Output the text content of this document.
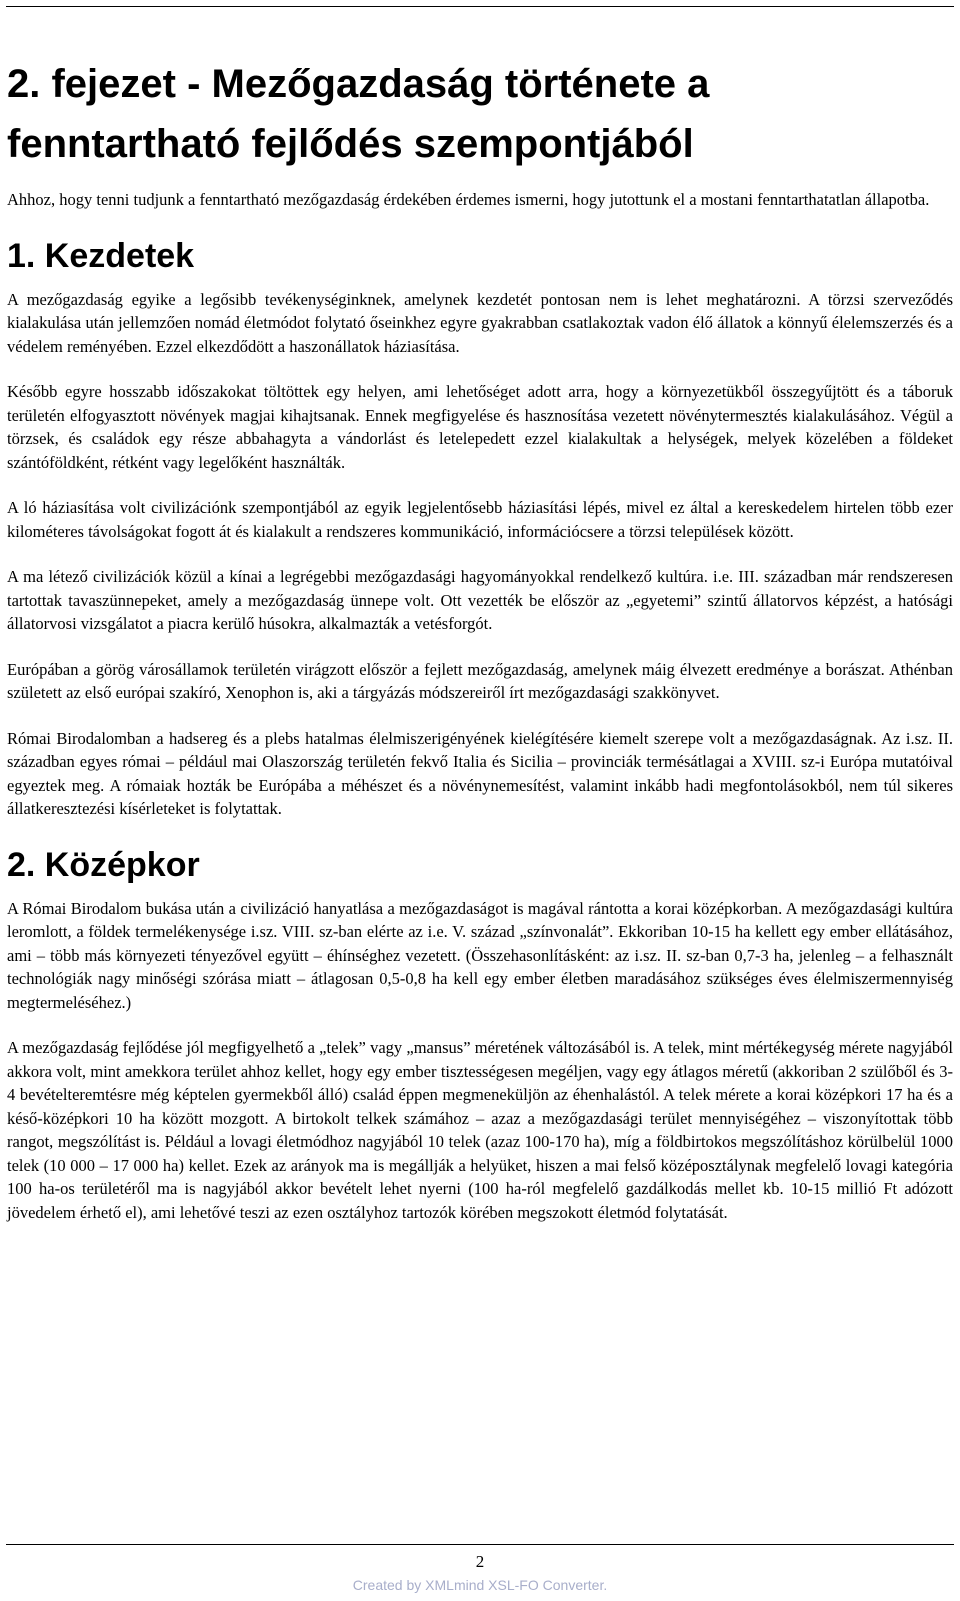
2. fejezet - Mezőgazdaság története a fenntartható fejlődés szempontjából

Ahhoz, hogy tenni tudjunk a fenntartható mezőgazdaság érdekében érdemes ismerni, hogy jutottunk el a mostani fenntarthatatlan állapotba.

1. Kezdetek

A mezőgazdaság egyike a legősibb tevékenységinknek, amelynek kezdetét pontosan nem is lehet meghatározni. A törzsi szerveződés kialakulása után jellemzően nomád életmódot folytató őseinkhez egyre gyakrabban csatlakoztak vadon élő állatok a könnyű élelemszerzés és a védelem reményében. Ezzel elkezdődött a haszonállatok háziasítása.

Később egyre hosszabb időszakokat töltöttek egy helyen, ami lehetőséget adott arra, hogy a környezetükből összegyűjtött és a táboruk területén elfogyasztott növények magjai kihajtsanak. Ennek megfigyelése és hasznosítása vezetett növénytermesztés kialakulásához. Végül a törzsek, és családok egy része abbahagyta a vándorlást és letelepedett ezzel kialakultak a helységek, melyek közelében a földeket szántóföldként, rétként vagy legelőként használták.

A ló háziasítása volt civilizációnk szempontjából az egyik legjelentősebb háziasítási lépés, mivel ez által a kereskedelem hirtelen több ezer kilométeres távolságokat fogott át és kialakult a rendszeres kommunikáció, információcsere a törzsi települések között.

A ma létező civilizációk közül a kínai a legrégebbi mezőgazdasági hagyományokkal rendelkező kultúra. i.e. III. században már rendszeresen tartottak tavaszünnepeket, amely a mezőgazdaság ünnepe volt. Ott vezették be először az „egyetemi” szintű állatorvos képzést, a hatósági állatorvosi vizsgálatot a piacra kerülő húsokra, alkalmazták a vetésforgót.

Európában a görög városállamok területén virágzott először a fejlett mezőgazdaság, amelynek máig élvezett eredménye a borászat. Athénban született az első európai szakíró, Xenophon is, aki a tárgyázás módszereiről írt mezőgazdasági szakkönyvet.

Római Birodalomban a hadsereg és a plebs hatalmas élelmiszerigényének kielégítésére kiemelt szerepe volt a mezőgazdaságnak. Az i.sz. II. században egyes római – például mai Olaszország területén fekvő Italia és Sicilia – provinciák termésátlagai a XVIII. sz-i Európa mutatóival egyeztek meg. A rómaiak hozták be Európába a méhészet és a növénynemesítést, valamint inkább hadi megfontolásokból, nem túl sikeres állatkeresztezési kísérleteket is folytattak.

2. Középkor

A Római Birodalom bukása után a civilizáció hanyatlása a mezőgazdaságot is magával rántotta a korai középkorban. A mezőgazdasági kultúra leromlott, a földek termelékenysége i.sz. VIII. sz-ban elérte az i.e. V. század „színvonalát”. Ekkoriban 10-15 ha kellett egy ember ellátásához, ami – több más környezeti tényezővel együtt – éhínséghez vezetett. (Összehasonlításként: az i.sz. II. sz-ban 0,7-3 ha, jelenleg – a felhasznált technológiák nagy minőségi szórása miatt – átlagosan 0,5-0,8 ha kell egy ember életben maradásához szükséges éves élelmiszermennyiség megtermeléséhez.)

A mezőgazdaság fejlődése jól megfigyelhető a „telek” vagy „mansus” méretének változásából is. A telek, mint mértékegység mérete nagyjából akkora volt, mint amekkora terület ahhoz kellet, hogy egy ember tisztességesen megéljen, vagy egy átlagos méretű (akkoriban 2 szülőből és 3-4 bevételteremtésre még képtelen gyermekből álló) család éppen megmeneküljön az éhenhalástól. A telek mérete a korai középkori 17 ha és a késő-középkori 10 ha között mozgott. A birtokolt telkek számához – azaz a mezőgazdasági terület mennyiségéhez – viszonyítottak több rangot, megszólítást is. Például a lovagi életmódhoz nagyjából 10 telek (azaz 100-170 ha), míg a földbirtokos megszólításhoz körülbelül 1000 telek (10 000 – 17 000 ha) kellet. Ezek az arányok ma is megállják a helyüket, hiszen a mai felső középosztálynak megfelelő lovagi kategória 100 ha-os területéről ma is nagyjából akkor bevételt lehet nyerni (100 ha-ról megfelelő gazdálkodás mellet kb. 10-15 millió Ft adózott jövedelem érhető el), ami lehetővé teszi az ezen osztályhoz tartozók körében megszokott életmód folytatását.

2
Created by XMLmind XSL-FO Converter.
